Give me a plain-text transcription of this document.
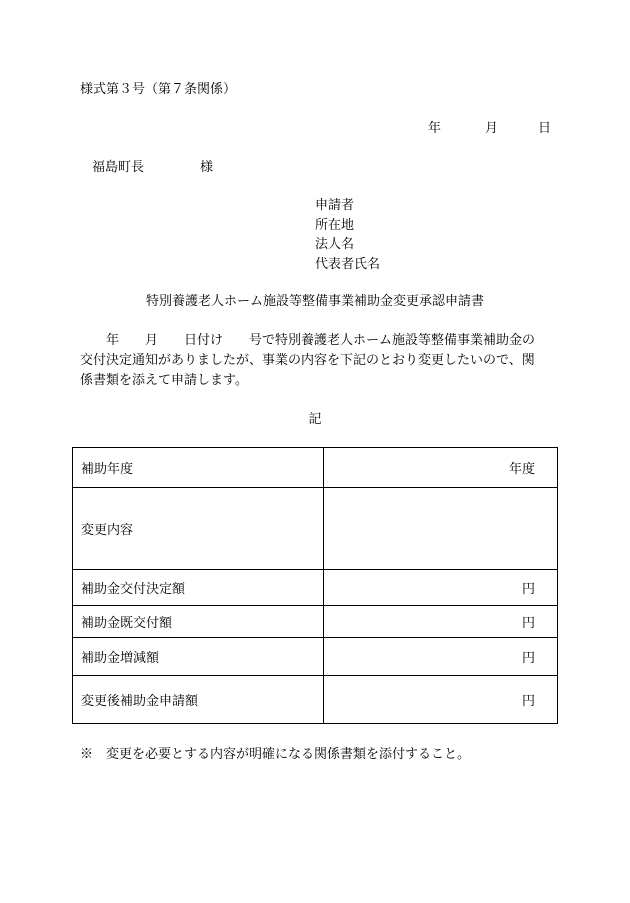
様式第３号（第７条関係）
年	月	日
福島町長	様
申請者
所在地
法人名
代表者氏名
特別養護老人ホーム施設等整備事業補助金変更承認申請書
年 月 日付け 号で特別養護老人ホーム施設等整備事業補助金の
交付決定通知がありましたが、事業の内容を下記のとおり変更したいので、関
係書類を添えて申請します。
記
補助年度	年度
変更内容	
補助金交付決定額	円
補助金既交付額	円
補助金増減額	円
変更後補助金申請額	円
※　変更を必要とする内容が明確になる関係書類を添付すること。
